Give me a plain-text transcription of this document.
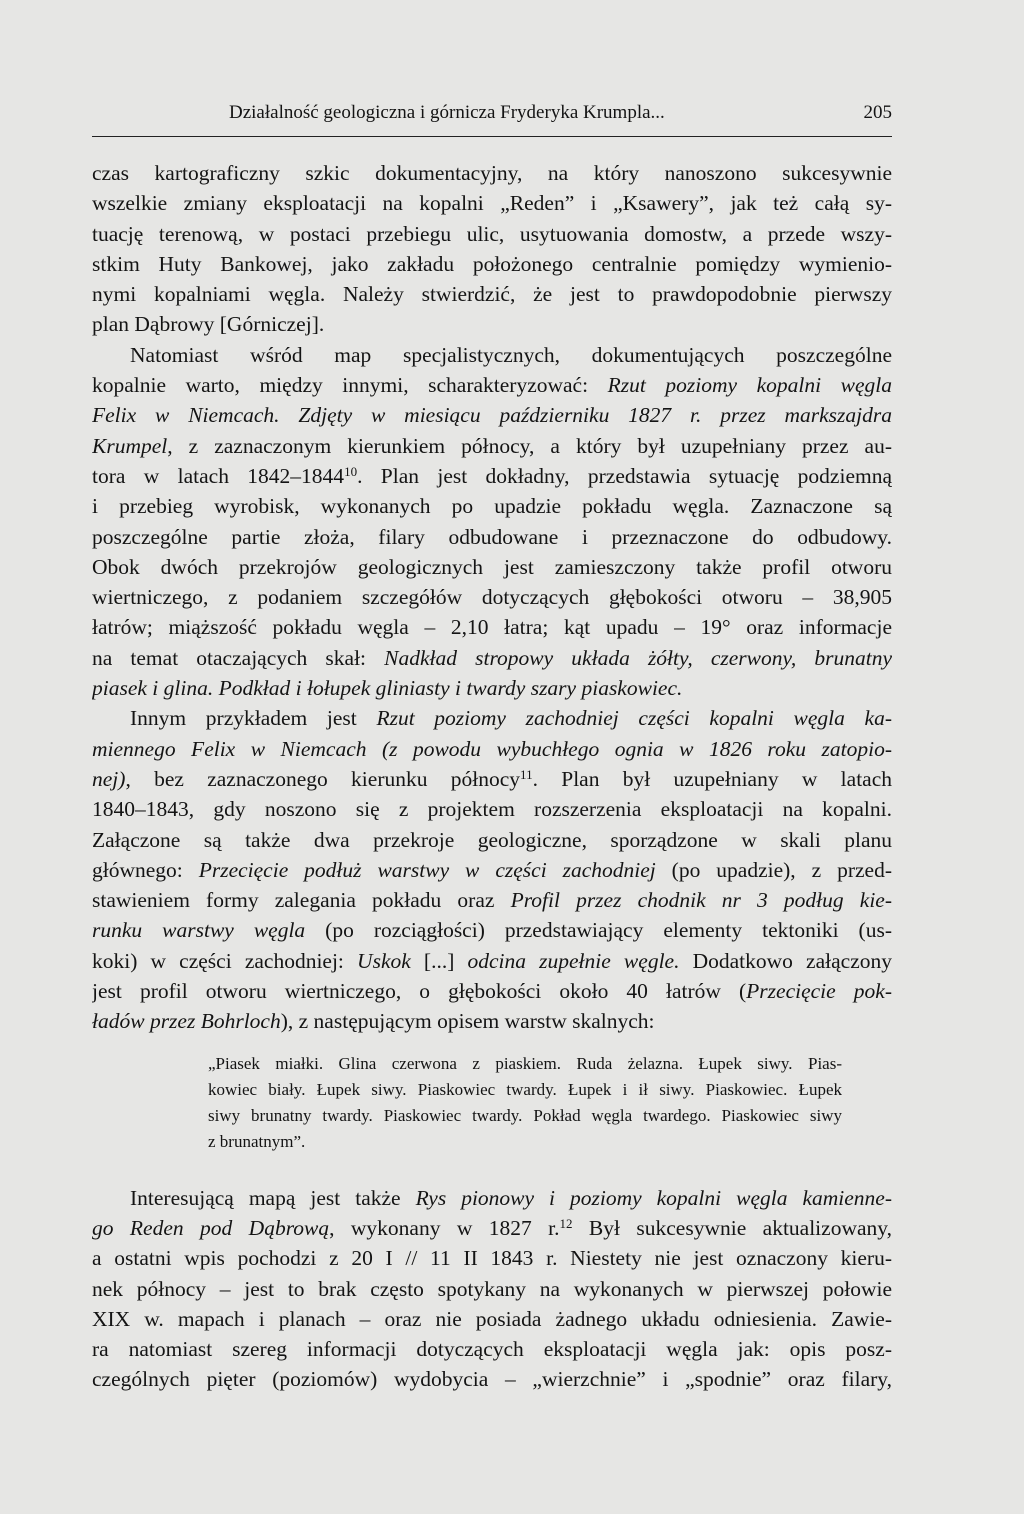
Działalność geologiczna i górnicza Fryderyka Krumpla...	205
czas kartograficzny szkic dokumentacyjny, na który nanoszono sukcesywnie
wszelkie zmiany eksploatacji na kopalni „Reden” i „Ksawery”, jak też całą sy-
tuację terenową, w postaci przebiegu ulic, usytuowania domostw, a przede wszy-
stkim Huty Bankowej, jako zakładu położonego centralnie pomiędzy wymienio-
nymi kopalniami węgla. Należy stwierdzić, że jest to prawdopodobnie pierwszy
plan Dąbrowy [Górniczej].
Natomiast wśród map specjalistycznych, dokumentujących poszczególne
kopalnie warto, między innymi, scharakteryzować: Rzut poziomy kopalni węgla
Felix w Niemcach. Zdjęty w miesiącu październiku 1827 r. przez markszajdra
Krumpel, z zaznaczonym kierunkiem północy, a który był uzupełniany przez au-
tora w latach 1842–1844$^{10}$. Plan jest dokładny, przedstawia sytuację podziemną
i przebieg wyrobisk, wykonanych po upadzie pokładu węgla. Zaznaczone są
poszczególne partie złoża, filary odbudowane i przeznaczone do odbudowy.
Obok dwóch przekrojów geologicznych jest zamieszczony także profil otworu
wiertniczego, z podaniem szczegółów dotyczących głębokości otworu – 38,905
łatrów; miąższość pokładu węgla – 2,10 łatra; kąt upadu – 19° oraz informacje
na temat otaczających skał: Nadkład stropowy układa żółty, czerwony, brunatny
piasek i glina. Podkład i łołupek gliniasty i twardy szary piaskowiec.
Innym przykładem jest Rzut poziomy zachodniej części kopalni węgla ka-
miennego Felix w Niemcach (z powodu wybuchłego ognia w 1826 roku zatopio-
nej), bez zaznaczonego kierunku północy$^{11}$. Plan był uzupełniany w latach
1840–1843, gdy noszono się z projektem rozszerzenia eksploatacji na kopalni.
Załączone są także dwa przekroje geologiczne, sporządzone w skali planu
głównego: Przecięcie podłuż warstwy w części zachodniej (po upadzie), z przed-
stawieniem formy zalegania pokładu oraz Profil przez chodnik nr 3 podług kie-
runku warstwy węgla (po rozciągłości) przedstawiający elementy tektoniki (us-
koki) w części zachodniej: Uskok [...] odcina zupełnie węgle. Dodatkowo załączony
jest profil otworu wiertniczego, o głębokości około 40 łatrów (Przecięcie pok-
ładów przez Bohrloch), z następującym opisem warstw skalnych:
„Piasek miałki. Glina czerwona z piaskiem. Ruda żelazna. Łupek siwy. Pias-
kowiec biały. Łupek siwy. Piaskowiec twardy. Łupek i ił siwy. Piaskowiec. Łupek
siwy brunatny twardy. Piaskowiec twardy. Pokład węgla twardego. Piaskowiec siwy
z brunatnym”.
Interesującą mapą jest także Rys pionowy i poziomy kopalni węgla kamienne-
go Reden pod Dąbrową, wykonany w 1827 r.$^{12}$ Był sukcesywnie aktualizowany,
a ostatni wpis pochodzi z 20 I // 11 II 1843 r. Niestety nie jest oznaczony kieru-
nek północy – jest to brak często spotykany na wykonanych w pierwszej połowie
XIX w. mapach i planach – oraz nie posiada żadnego układu odniesienia. Zawie-
ra natomiast szereg informacji dotyczących eksploatacji węgla jak: opis posz-
czególnych pięter (poziomów) wydobycia – „wierzchnie” i „spodnie” oraz filary,
